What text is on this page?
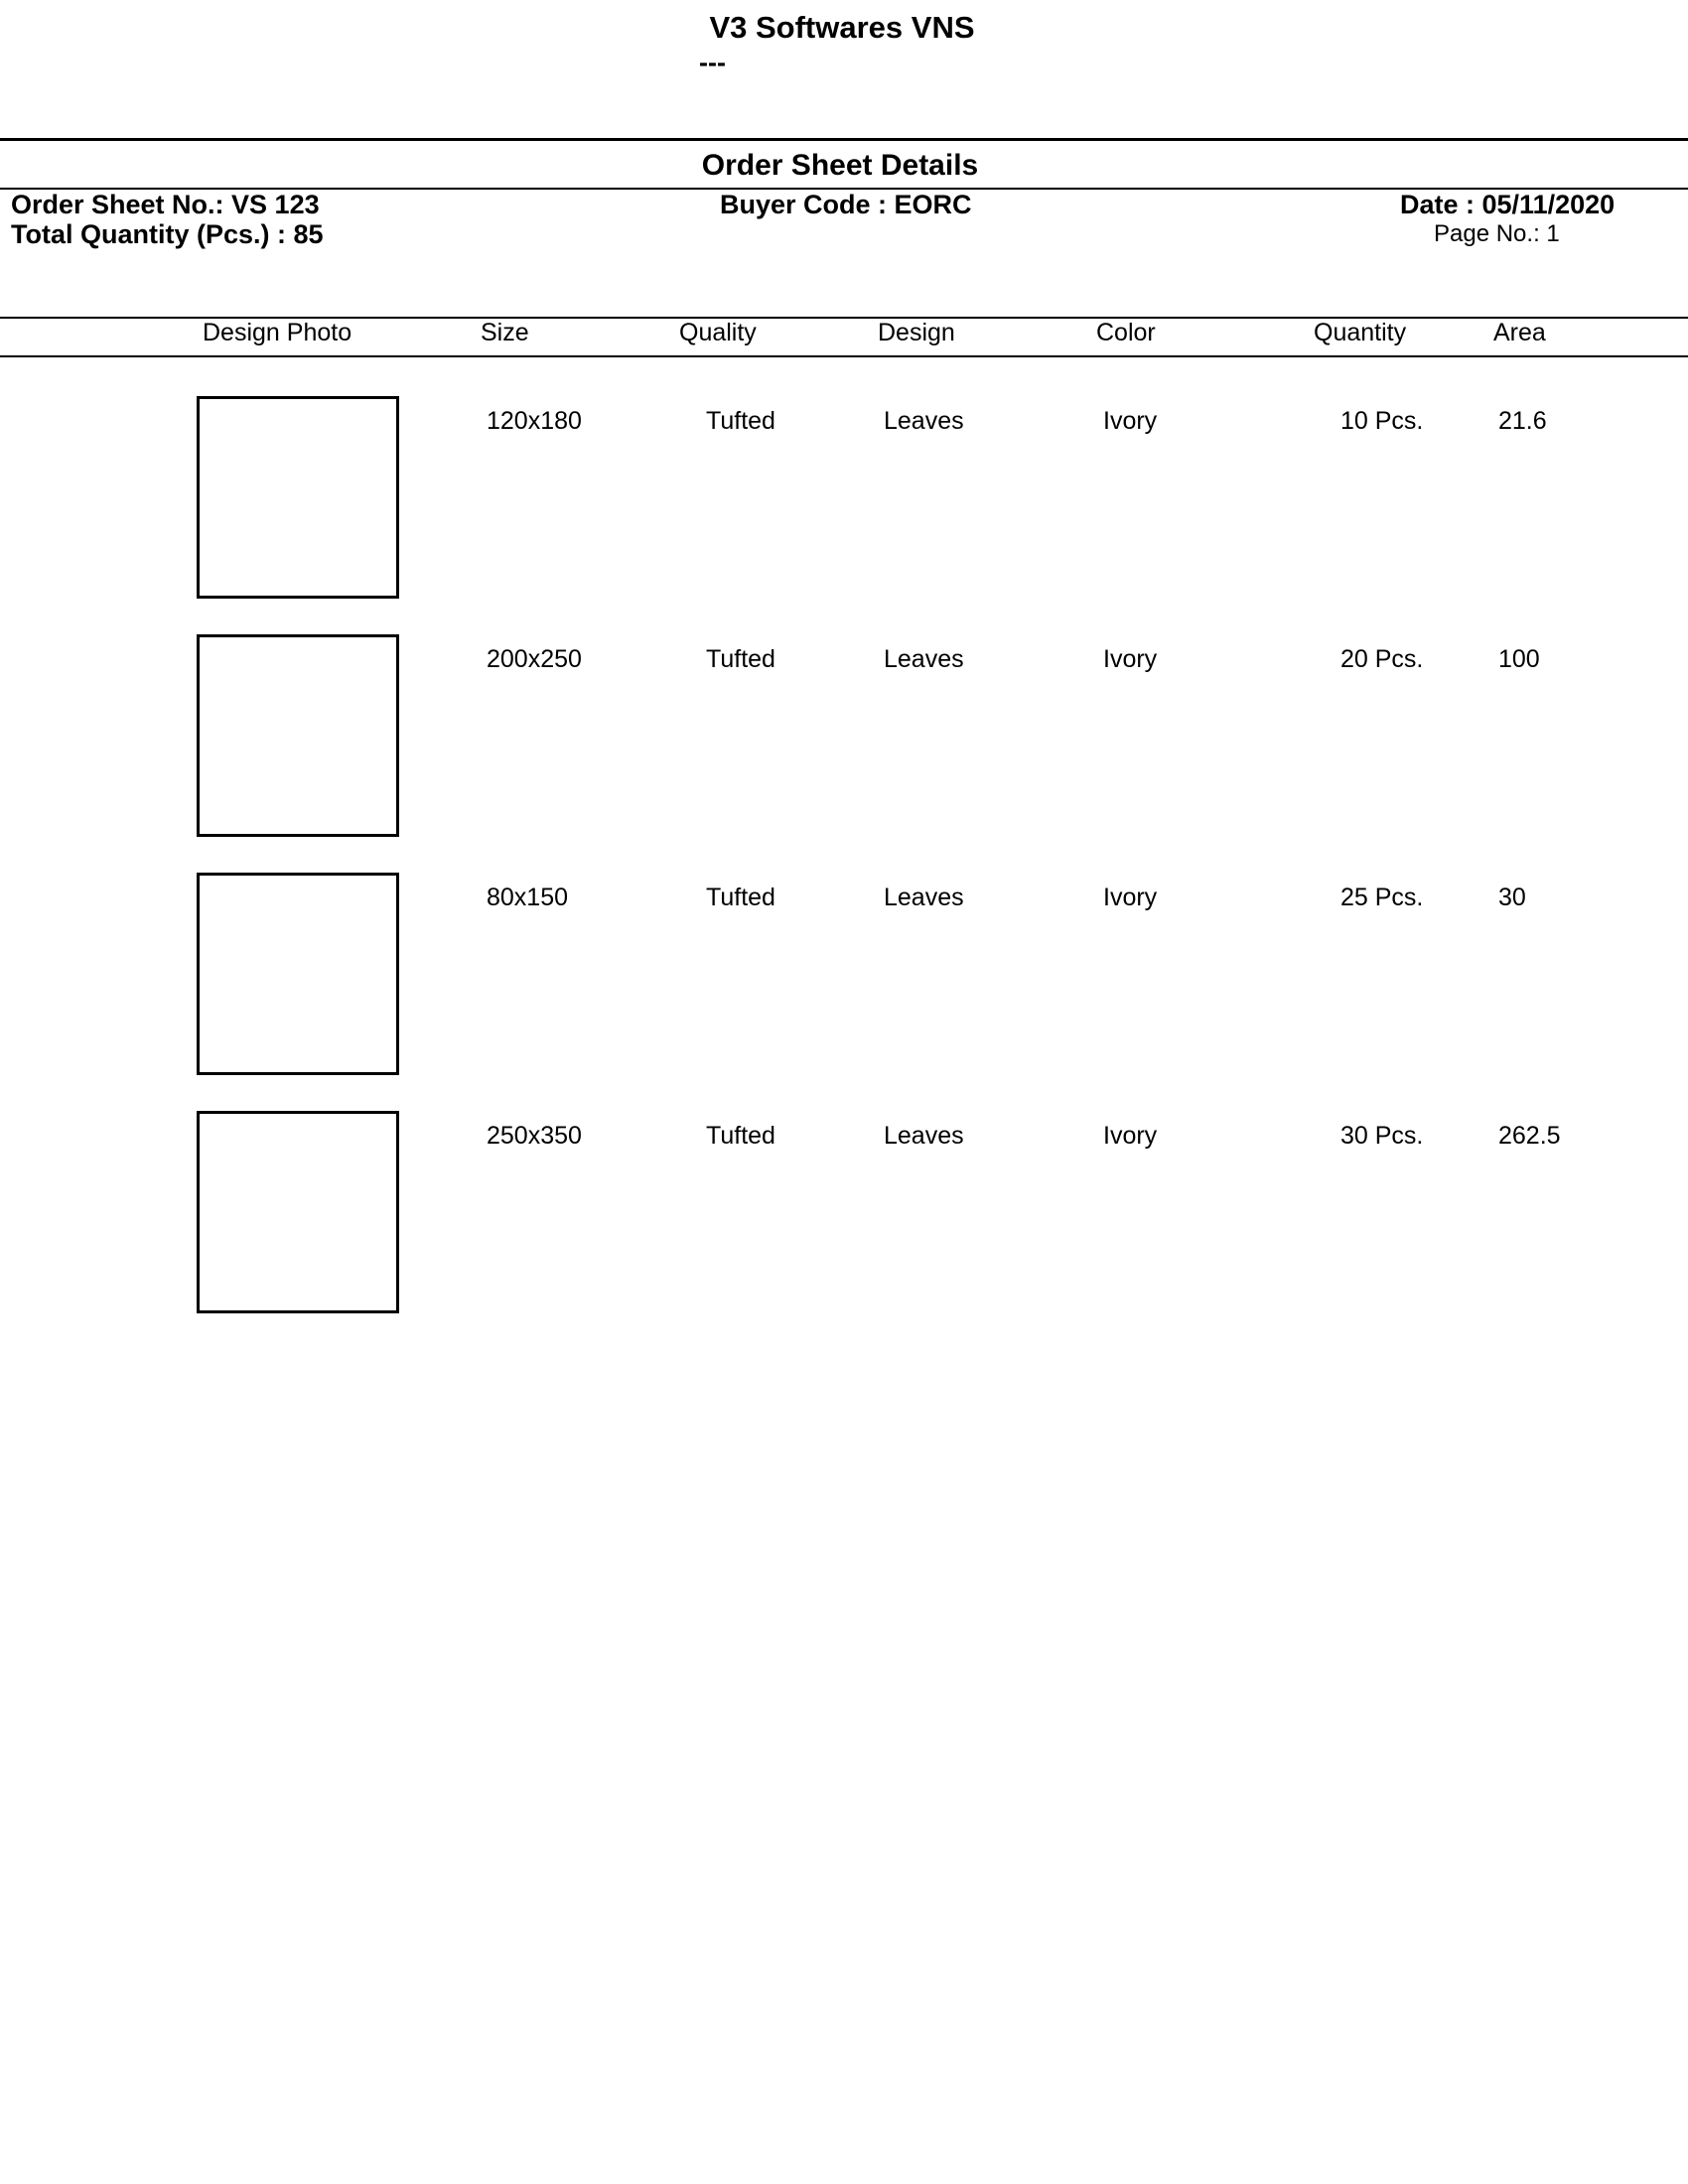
V3 Softwares VNS
---
Order Sheet Details
Order Sheet No.: VS 123
Total Quantity (Pcs.) : 85
Buyer Code : EORC	Date : 05/11/2020
Page No.: 1
Design Photo	Size	Quality	Design	Color	Quantity	Area
120x180	Tufted	Leaves	Ivory	10 Pcs.	21.6
200x250	Tufted	Leaves	Ivory	20 Pcs.	100
80x150	Tufted	Leaves	Ivory	25 Pcs.	30
250x350	Tufted	Leaves	Ivory	30 Pcs.	262.5
